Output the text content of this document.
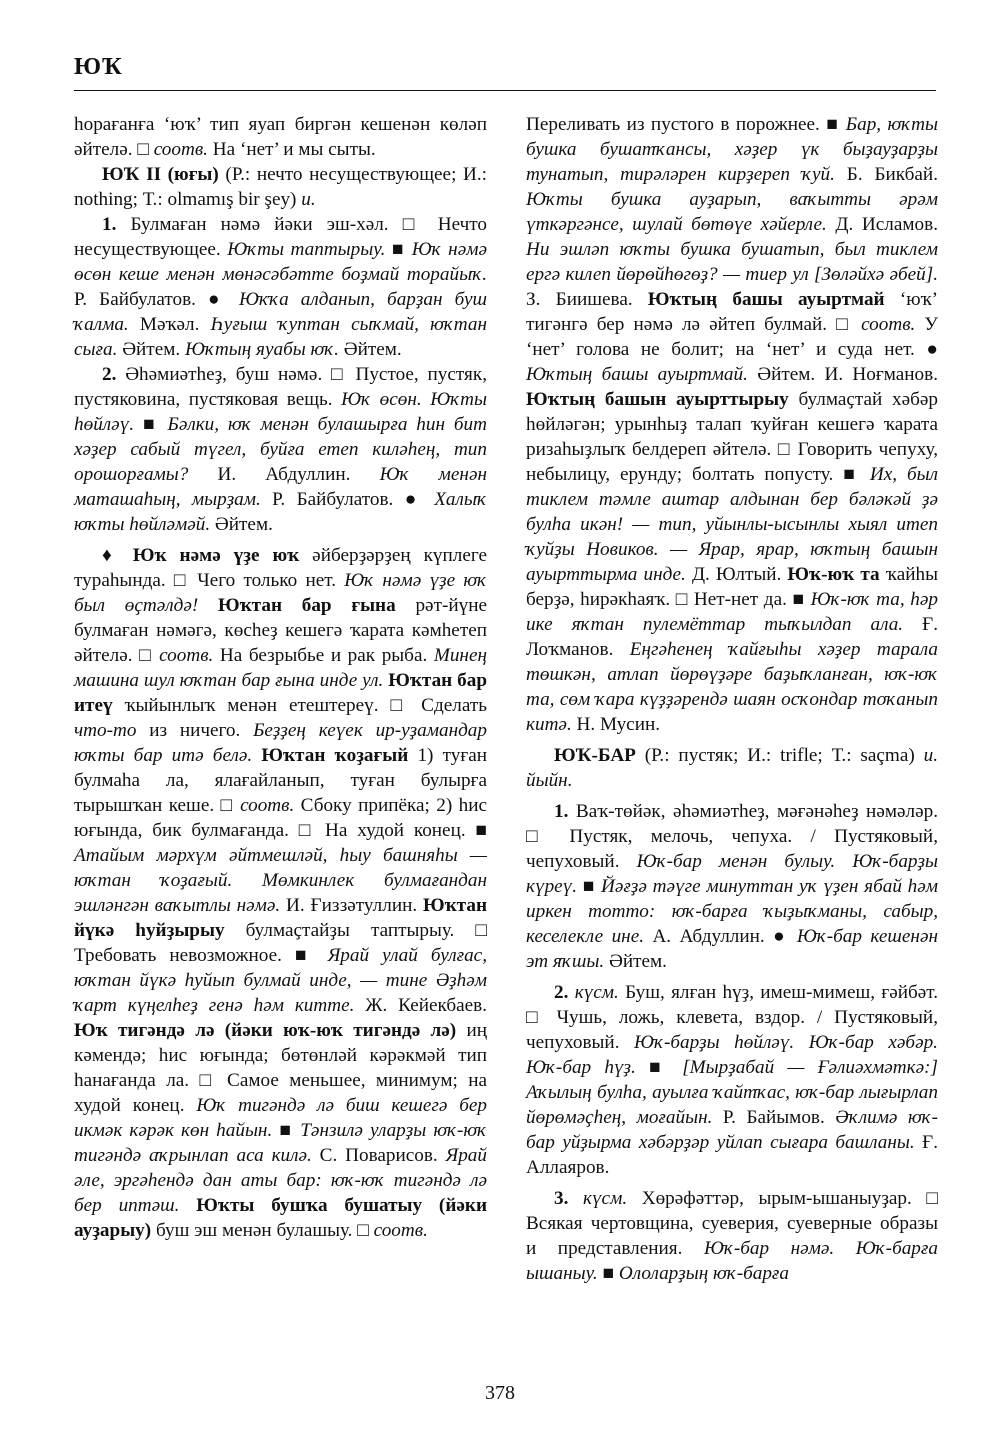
ЮҠ

һорағанға ‘юҡ’ тип яуап биргән кешенән көләп әйтелә. □ соотв. На ‘нет’ и мы сыты.

ЮҠ II (юғы) (Р.: нечто несуществующее; И.: nothing; Т.: olmamış bir şey) и.

1. Булмаған нәмә йәки эш-хәл. □ Нечто несуществующее. Юҡты таптырыу. ■ Юҡ нәмә өсөн кеше менән мөнәсәбәтте боҙмай торайыҡ. Р. Байбулатов. ● Юҡҡа алданып, барҙан буш ҡалма. Мәҡәл. Һуғыш ҡуптан сыҡмай, юҡтан сыға. Әйтем. Юҡтың яуабы юҡ. Әйтем.

2. Әһәмиәтһеҙ, буш нәмә. □ Пустое, пустяк, пустяковина, пустяковая вещь. Юҡ өсөн. Юҡты һөйләү. ■ Бәлки, юҡ менән булашырға һин бит хәҙер сабый түгел, буйға етеп киләһең, тип орошорғамы? И. Абдуллин. Юҡ менән маташаһың, мырҙам. Р. Байбулатов. ● Халыҡ юҡты һөйләмәй. Әйтем.

♦ Юҡ нәмә үҙе юҡ әйберҙәрҙең күплеге тураһында. □ Чего только нет. Юҡ нәмә үҙе юҡ был өҫтәлдә! Юҡтан бар ғына рәт-йүне булмаған нәмәгә, көсһеҙ кешегә ҡарата кәмһетеп әйтелә. □ соотв. На безрыбье и рак рыба. Минең машина шул юҡтан бар ғына инде ул. Юҡтан бар итеү ҡыйынлыҡ менән етештереү. □ Сделать что-то из ничего. Беҙҙең кеүек ир-уҙамандар юҡты бар итә белә. Юҡтан ҡоҙағый 1) туған булмаһа ла, ялағайланып, туған булырға тырышҡан кеше. □ соотв. Сбоку припёка; 2) һис юғында, бик булмағанда. □ На худой конец. ■ Атайым мәрхүм әйтмешләй, һыу башняһы — юҡтан ҡоҙағый. Мөмкинлек булмағандан эшләнгән ваҡытлы нәмә. И. Ғиззәтуллин. Юҡтан йүкә һуйҙырыу булмаҫтайҙы таптырыу. □ Требовать невозможное. ■ Ярай улай булғас, юҡтан йүкә һуйып булмай инде, — тине Әҙһәм ҡарт күңелһеҙ генә һәм китте. Ж. Кейекбаев. Юҡ тигәндә лә (йәки юҡ-юҡ тигәндә лә) иң кәмендә; һис юғында; бөтөнләй кәрәкмәй тип һанағанда ла. □ Самое меньшее, минимум; на худой конец. Юҡ тигәндә лә биш кешегә бер икмәк кәрәк көн һайын. ■ Тәнзилә уларҙы юҡ-юҡ тигәндә аҡрынлап аса килә. С. Поварисов. Ярай әле, эргәһендә дан аты бар: юҡ-юҡ тигәндә лә бер иптәш. Юҡты бушҡа бушатыу (йәки ауҙарыу) буш эш менән булашыу. □ соотв.

Переливать из пустого в порожнее. ■ Бар, юҡты бушка бушатҡансы, хәҙер үк быҙауҙарҙы тунатып, тирәләрен кирҙереп ҡуй. Б. Бикбай. Юҡты бушка ауҙарып, ваҡытты әрәм үткәргәнсе, шулай бөтөүе хәйерле. Д. Исламов. Ни эшләп юҡты бушка бушатып, был тиклем ергә килеп йөрөйһөгөҙ? — тиер ул [Зөләйхә әбей]. З. Биишева. Юҡтың башы ауыртмай ‘юҡ’ тигәнгә бер нәмә лә әйтеп булмай. □ соотв. У ‘нет’ голова не болит; на ‘нет’ и суда нет. ● Юҡтың башы ауыртмай. Әйтем. И. Ноғманов. Юҡтың башын ауырттырыу булмаҫтай хәбәр һөйләгән; урынһыҙ талап ҡуйған кешегә ҡарата ризаһыҙлыҡ белдереп әйтелә. □ Говорить чепуху, небылицу, ерунду; болтать попусту. ■ Их, был тиклем тәмле аштар алдынан бер бәләкәй ҙә булһа икән! — тип, уйынлы-ысынлы хыял итеп ҡуйҙы Новиков. — Ярар, ярар, юҡтың башын ауырттырма инде. Д. Юлтый. Юҡ-юҡ та ҡайһы берҙә, һирәкһаяҡ. □ Нет-нет да. ■ Юҡ-юҡ та, һәр ике яҡтан пулемёттар тыҡылдап ала. Ғ. Лоҡманов. Еңгәһенең ҡайғыһы хәҙер тарала төшкән, атлап йөрөүҙәре баҙыҡланған, юҡ-юҡ та, сөм ҡара күҙҙәрендә шаян осҡондар тоҡанып китә. Н. Мусин.

ЮҠ-БАР (Р.: пустяк; И.: trifle; Т.: saçma) и. йыйн.

1. Ваҡ-төйәк, әһәмиәтһеҙ, мәғәнәһеҙ нәмәләр. □ Пустяк, мелочь, чепуха. / Пустяковый, чепуховый. Юҡ-бар менән булыу. Юҡ-барҙы күреү. ■ Йәғҙә тәүге минуттан уҡ үҙен ябай һәм иркен тотто: юҡ-барға ҡыҙыҡманы, сабыр, кеселекле ине. А. Абдуллин. ● Юҡ-бар кешенән эт яҡшы. Әйтем.

2. күсм. Буш, ялған һүҙ, имеш-мимеш, ғәйбәт. □ Чушь, ложь, клевета, вздор. / Пустяковый, чепуховый. Юҡ-барҙы һөйләү. Юҡ-бар хәбәр. Юҡ-бар һүҙ. ■ [Мырҙабай — Ғәлиәхмәткә:] Аҡылың булһа, ауылға ҡайтҡас, юҡ-бар лығырлап йөрөмәҫһең, моғайын. Р. Байымов. Әҡлимә юҡ-бар уйҙырма хәбәрҙәр уйлап сығара башланы. Ғ. Аллаяров.

3. күсм. Хөрәфәттәр, ырым-ышаныуҙар. □ Всякая чертовщина, суеверия, суеверные образы и представления. Юҡ-бар нәмә. Юҡ-барға ышаныу. ■ Ололарҙың юҡ-барға

378
